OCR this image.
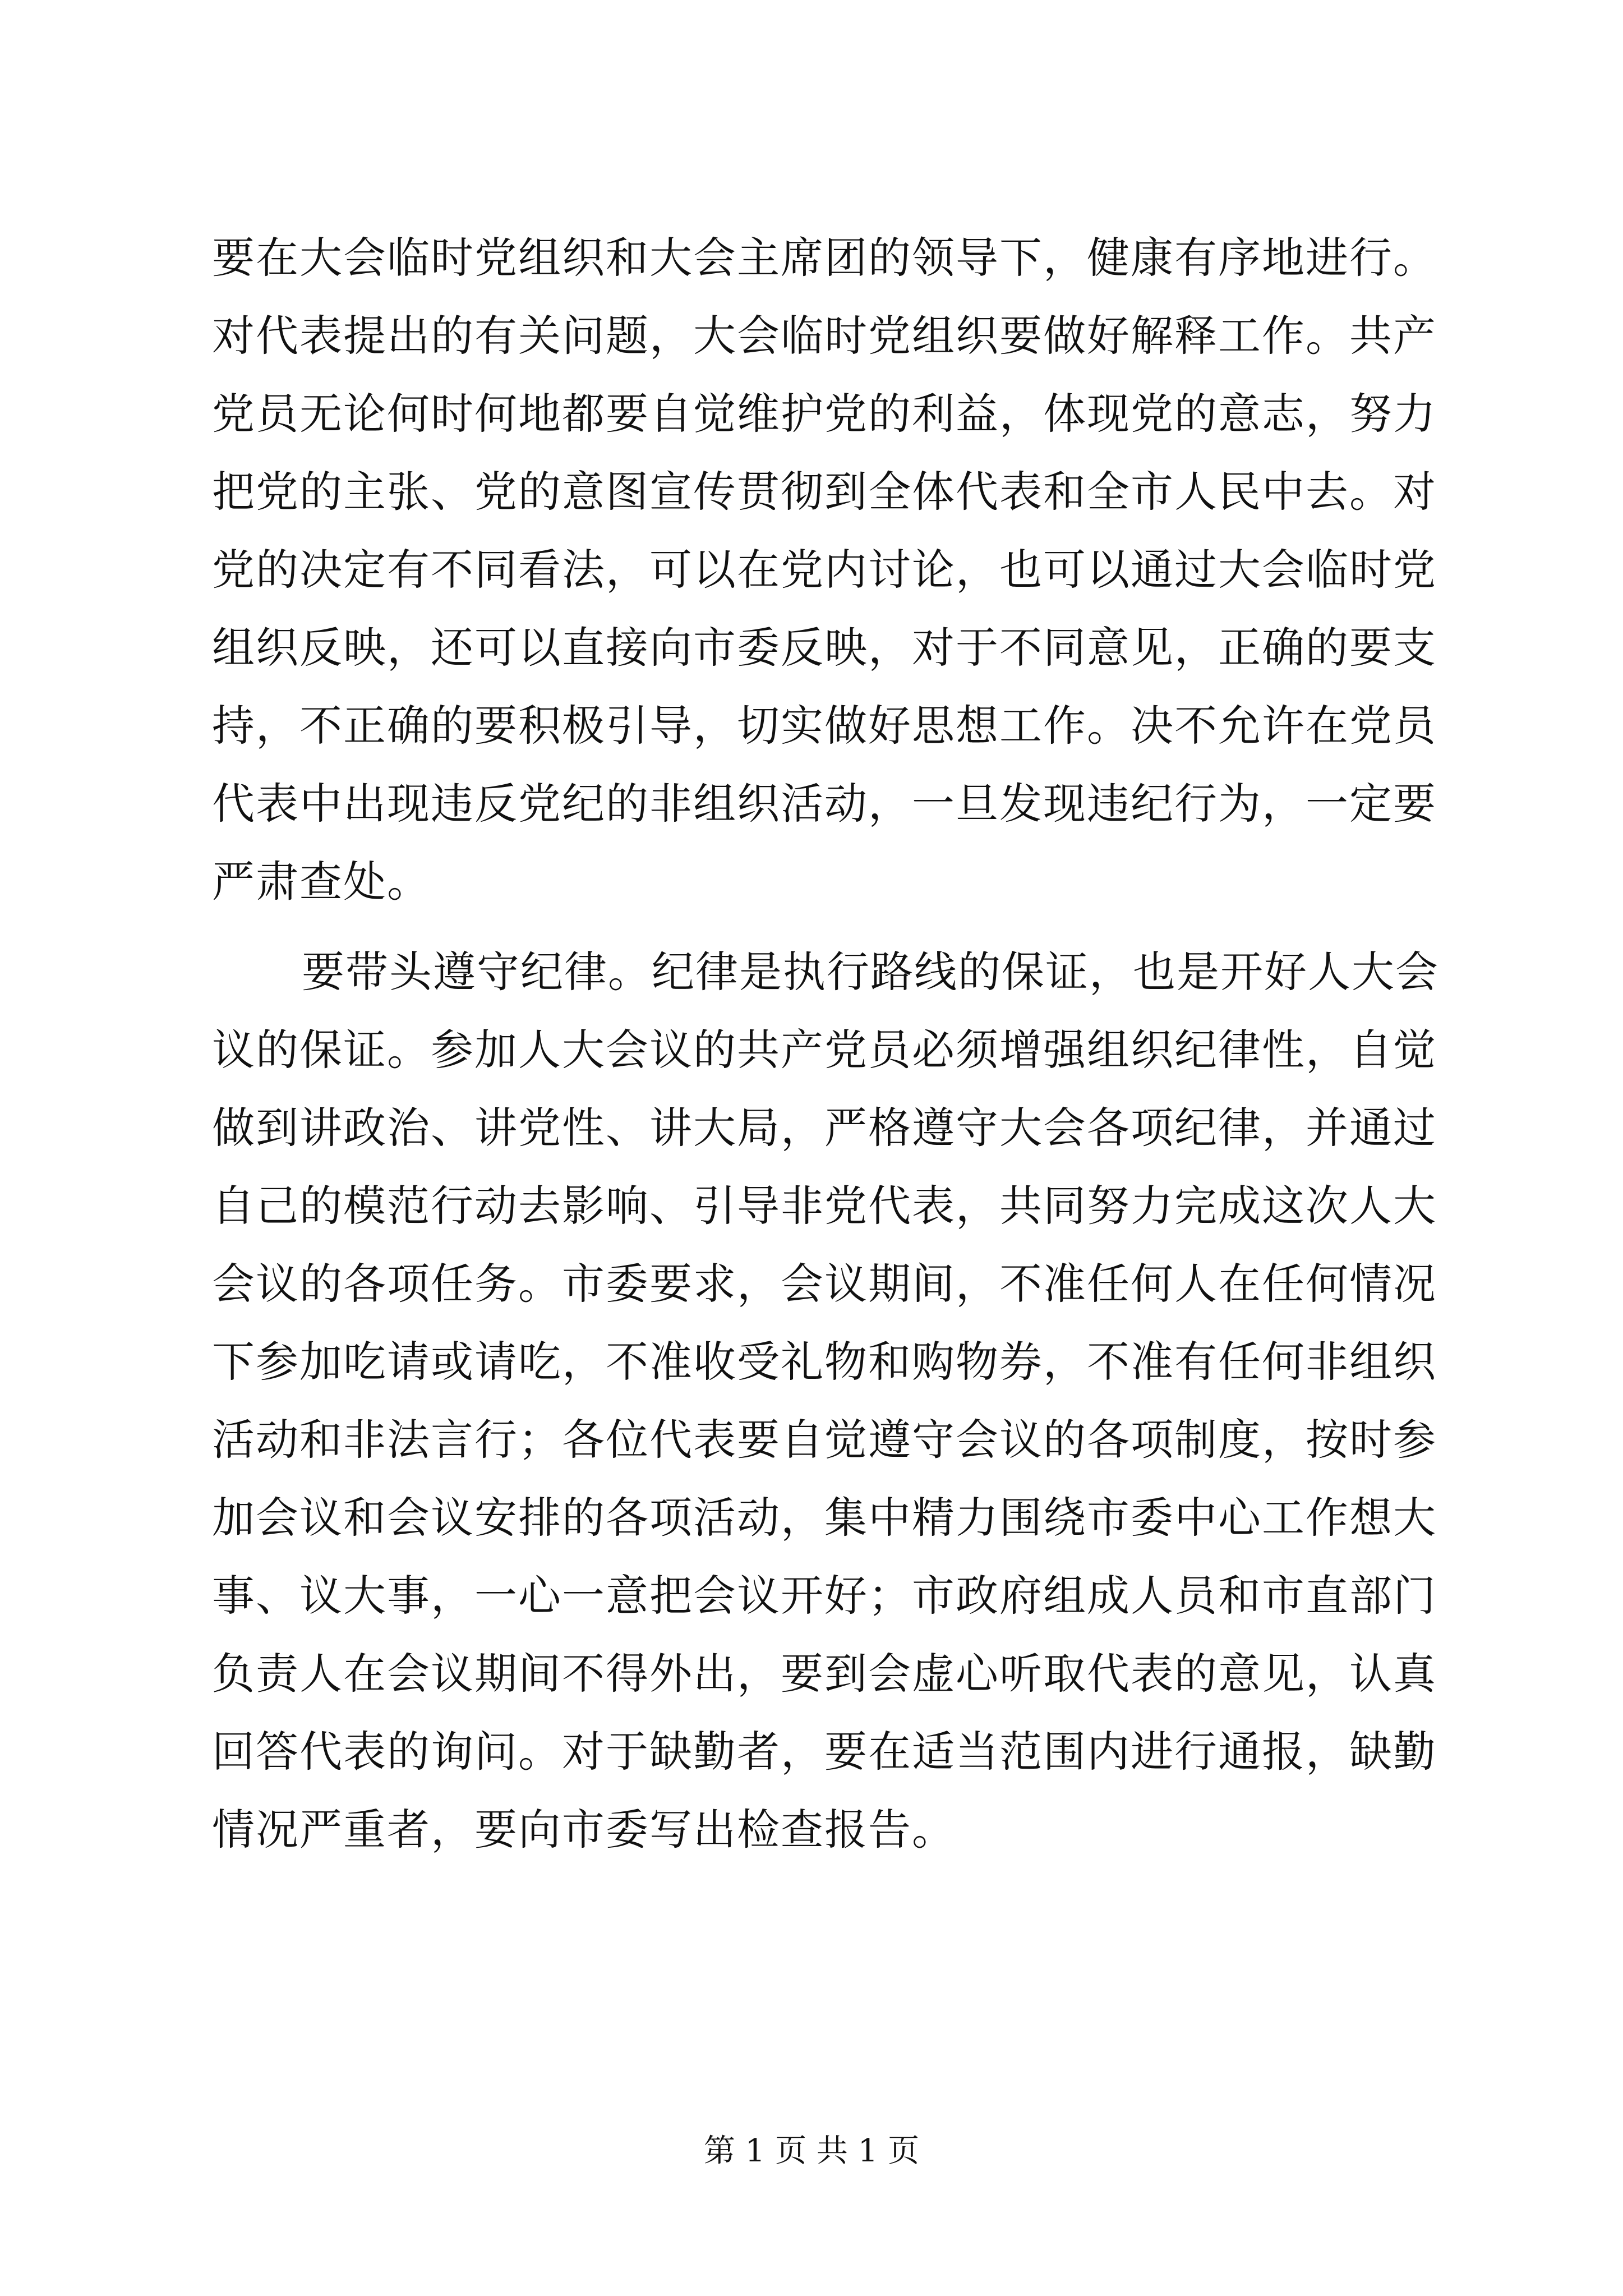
要在大会临时党组织和大会主席团的领导下，健康有序地进行。
对代表提出的有关问题，大会临时党组织要做好解释工作。共产
党员无论何时何地都要自觉维护党的利益，体现党的意志，努力
把党的主张、党的意图宣传贯彻到全体代表和全市人民中去。对
党的决定有不同看法，可以在党内讨论，也可以通过大会临时党
组织反映，还可以直接向市委反映，对于不同意见，正确的要支
持，不正确的要积极引导，切实做好思想工作。决不允许在党员
代表中出现违反党纪的非组织活动，一旦发现违纪行为，一定要
严肃查处。
要带头遵守纪律。纪律是执行路线的保证，也是开好人大会
议的保证。参加人大会议的共产党员必须增强组织纪律性，自觉
做到讲政治、讲党性、讲大局，严格遵守大会各项纪律，并通过
自己的模范行动去影响、引导非党代表，共同努力完成这次人大
会议的各项任务。市委要求，会议期间，不准任何人在任何情况
下参加吃请或请吃，不准收受礼物和购物券，不准有任何非组织
活动和非法言行；各位代表要自觉遵守会议的各项制度，按时参
加会议和会议安排的各项活动，集中精力围绕市委中心工作想大
事、议大事，一心一意把会议开好；市政府组成人员和市直部门
负责人在会议期间不得外出，要到会虚心听取代表的意见，认真
回答代表的询问。对于缺勤者，要在适当范围内进行通报，缺勤
情况严重者，要向市委写出检查报告。
第 1 页 共 1 页
